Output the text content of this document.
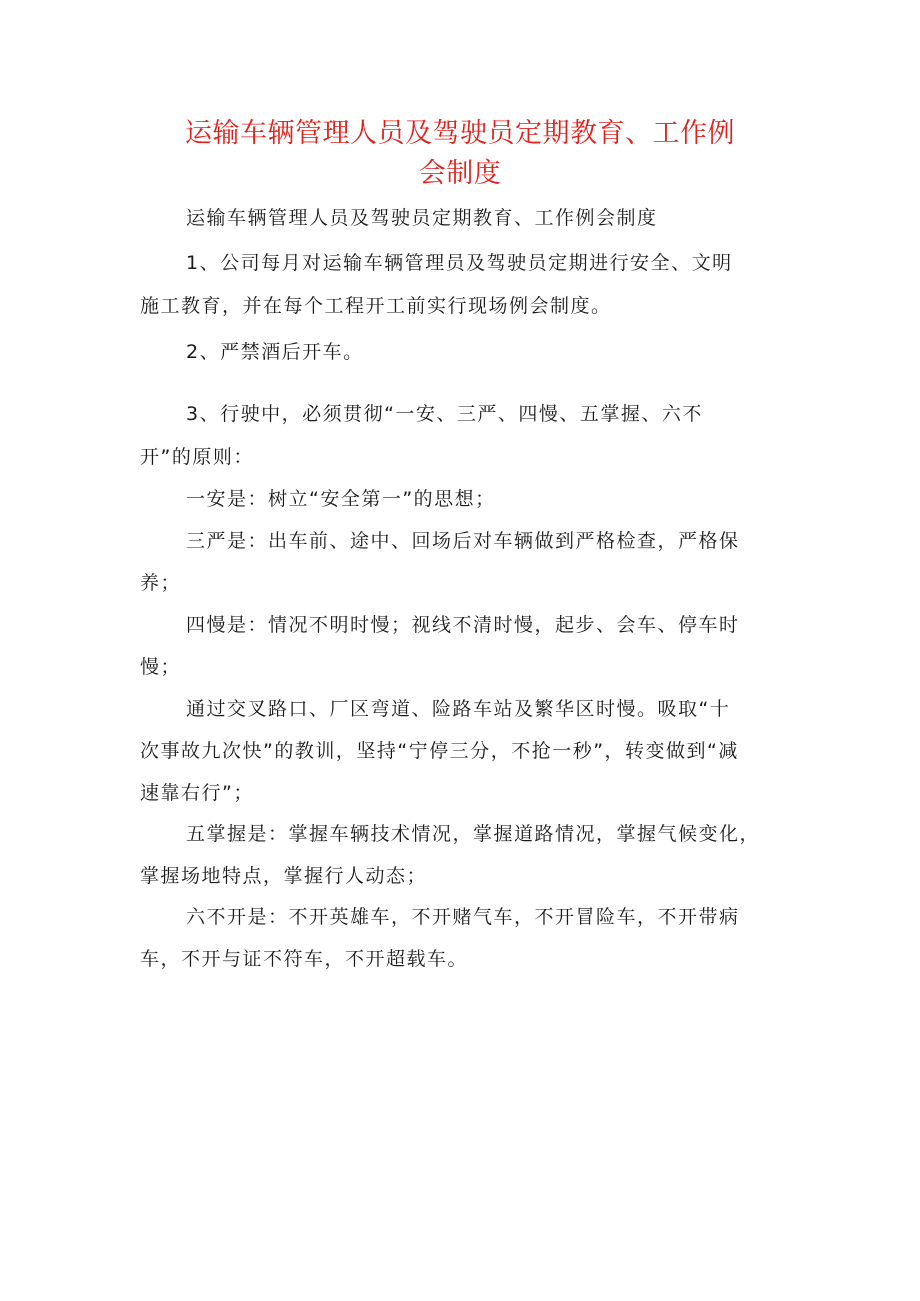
运输车辆管理人员及驾驶员定期教育、工作例
会制度
运输车辆管理人员及驾驶员定期教育、工作例会制度
1、公司每月对运输车辆管理员及驾驶员定期进行安全、文明
施工教育，并在每个工程开工前实行现场例会制度。
2、严禁酒后开车。
3、行驶中，必须贯彻“一安、三严、四慢、五掌握、六不
开”的原则：
一安是：树立“安全第一”的思想；
三严是：出车前、途中、回场后对车辆做到严格检查，严格保
养；
四慢是：情况不明时慢；视线不清时慢，起步、会车、停车时
慢；
通过交叉路口、厂区弯道、险路车站及繁华区时慢。吸取“十
次事故九次快”的教训，坚持“宁停三分，不抢一秒”，转变做到“减
速靠右行”；
五掌握是：掌握车辆技术情况，掌握道路情况，掌握气候变化，
掌握场地特点，掌握行人动态；
六不开是：不开英雄车，不开赌气车，不开冒险车，不开带病
车，不开与证不符车，不开超载车。
